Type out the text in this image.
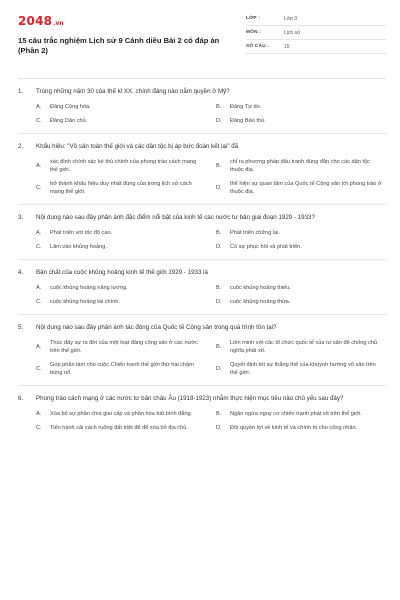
2048 .vn
15 câu trắc nghiệm Lịch sử 9 Cánh diều Bài 2 có đáp án
(Phần 2)
LỚP :	Lớp 9
MÔN :	Lịch sử
SỐ CÂU :	15
1.	Trong những năm 30 của thế kỉ XX, chính đảng nào nắm quyền ở Mỹ?
A.	Đảng Cộng hòa.	B.	Đảng Tự do.
C.	Đảng Dân chủ.	D.	Đảng Bảo thủ.
2.	Khẩu hiệu: "Vô sản toàn thế giới và các dân tộc bị áp bức đoàn kết lại" đã
A.
xác định chính xác kẻ thù chính của phong trào cách mạng thế giới.
B.
chỉ ra phương pháp đấu tranh đúng đắn cho các dân tộc thuộc địa.
C.
trở thành khẩu hiệu duy nhất đúng của trong lịch sử cách mạng thế giới.
D.
thể hiện sự quan tâm của Quốc tế Cộng sản tới phong trào ở thuộc địa.
3.	Nội dung nào sau đây phản ánh đặc điểm nổi bật của kinh tế các nước tư bản giai đoạn 1929 - 1933?
A.	Phát triển với tốc độ cao.	B.	Phát triển chững lại.
C.	Lâm vào khủng hoảng.	D.	Có sự phục hồi và phát triển.
4.	Bản chất của cuộc khủng hoảng kinh tế thế giới 1929 - 1933 là
A.	cuộc khủng hoảng năng lượng.	B.	cuộc khủng hoảng thiếu.
C.	cuộc khủng hoảng tài chính.	D.	cuộc khủng hoảng thừa.
5.	Nội dung nào sau đây phản ánh tác động của Quốc tế Cộng sản trong quá trình tồn tại?
A.
Thúc đẩy sự ra đời của một loạt đảng cộng sản ở các nước trên thế giới.
B.
Liên minh với các tổ chức quốc tế của tư sản để chống chủ nghĩa phát xít.
C.
Góp phần làm cho cuộc Chiến tranh thế giới thứ hai chậm bùng nổ.
D.
Quyết định tới sự thắng thế của khuynh hướng vô sản trên thế giới.
6.	Phong trào cách mạng ở các nước tư bản châu Âu (1918-1923) nhằm thực hiện mục tiêu nào chủ yếu sau đây?
A.	Xóa bỏ sự phân chia giai cấp và phân hóa bất bình đẳng.	B.	Ngăn ngừa nguy cơ chiến tranh phát xít trên thế giới.
C.	Tiến hành cải cách ruộng đất triệt để để xóa bỏ địa chủ.	D.	Đòi quyền lợi về kinh tế và chính trị cho công nhân.
